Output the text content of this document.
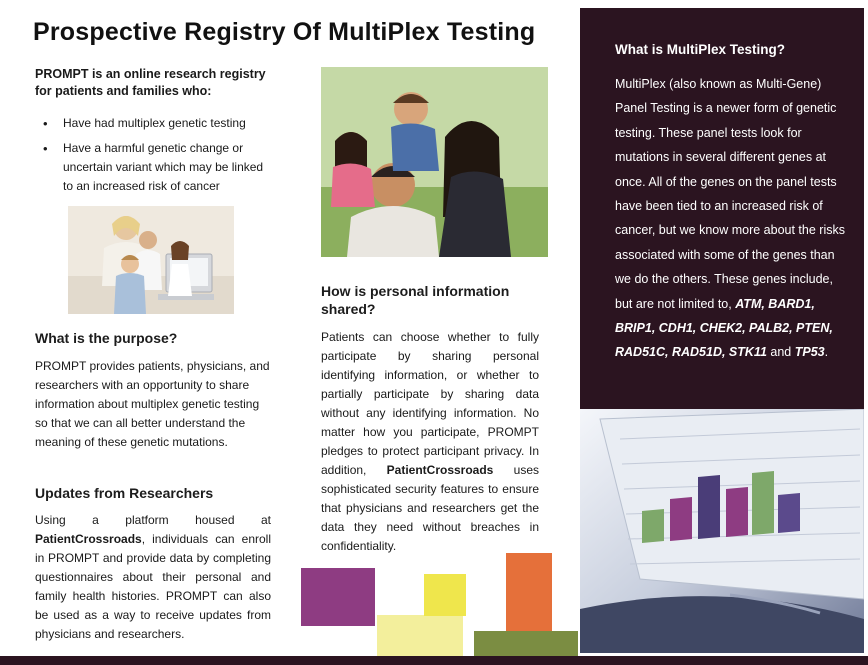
Prospective Registry Of MultiPlex Testing

PROMPT is an online research registry for patients and families who:

• Have had multiplex genetic testing
• Have a harmful genetic change or uncertain variant which may be linked to an increased risk of cancer
What is the purpose?

PROMPT provides patients, physicians, and researchers with an opportunity to share information about multiplex genetic testing so that we can all better understand the meaning of these genetic mutations.

Updates from Researchers

Using a platform housed at PatientCrossroads, individuals can enroll in PROMPT and provide data by completing questionnaires about their personal and family health histories. PROMPT can also be used as a way to receive updates from physicians and researchers.

How is personal information shared?

Patients can choose whether to fully participate by sharing personal identifying information, or whether to partially participate by sharing data without any identifying information. No matter how you participate, PROMPT pledges to protect participant privacy. In addition, PatientCrossroads uses sophisticated security features to ensure that physicians and researchers get the data they need without breaches in confidentiality.

What is MultiPlex Testing?

MultiPlex (also known as Multi-Gene) Panel Testing is a newer form of genetic testing. These panel tests look for mutations in several different genes at once. All of the genes on the panel tests have been tied to an increased risk of cancer, but we know more about the risks associated with some of the genes than we do the others. These genes include, but are not limited to, ATM, BARD1, BRIP1, CDH1, CHEK2, PALB2, PTEN, RAD51C, RAD51D, STK11 and TP53.
